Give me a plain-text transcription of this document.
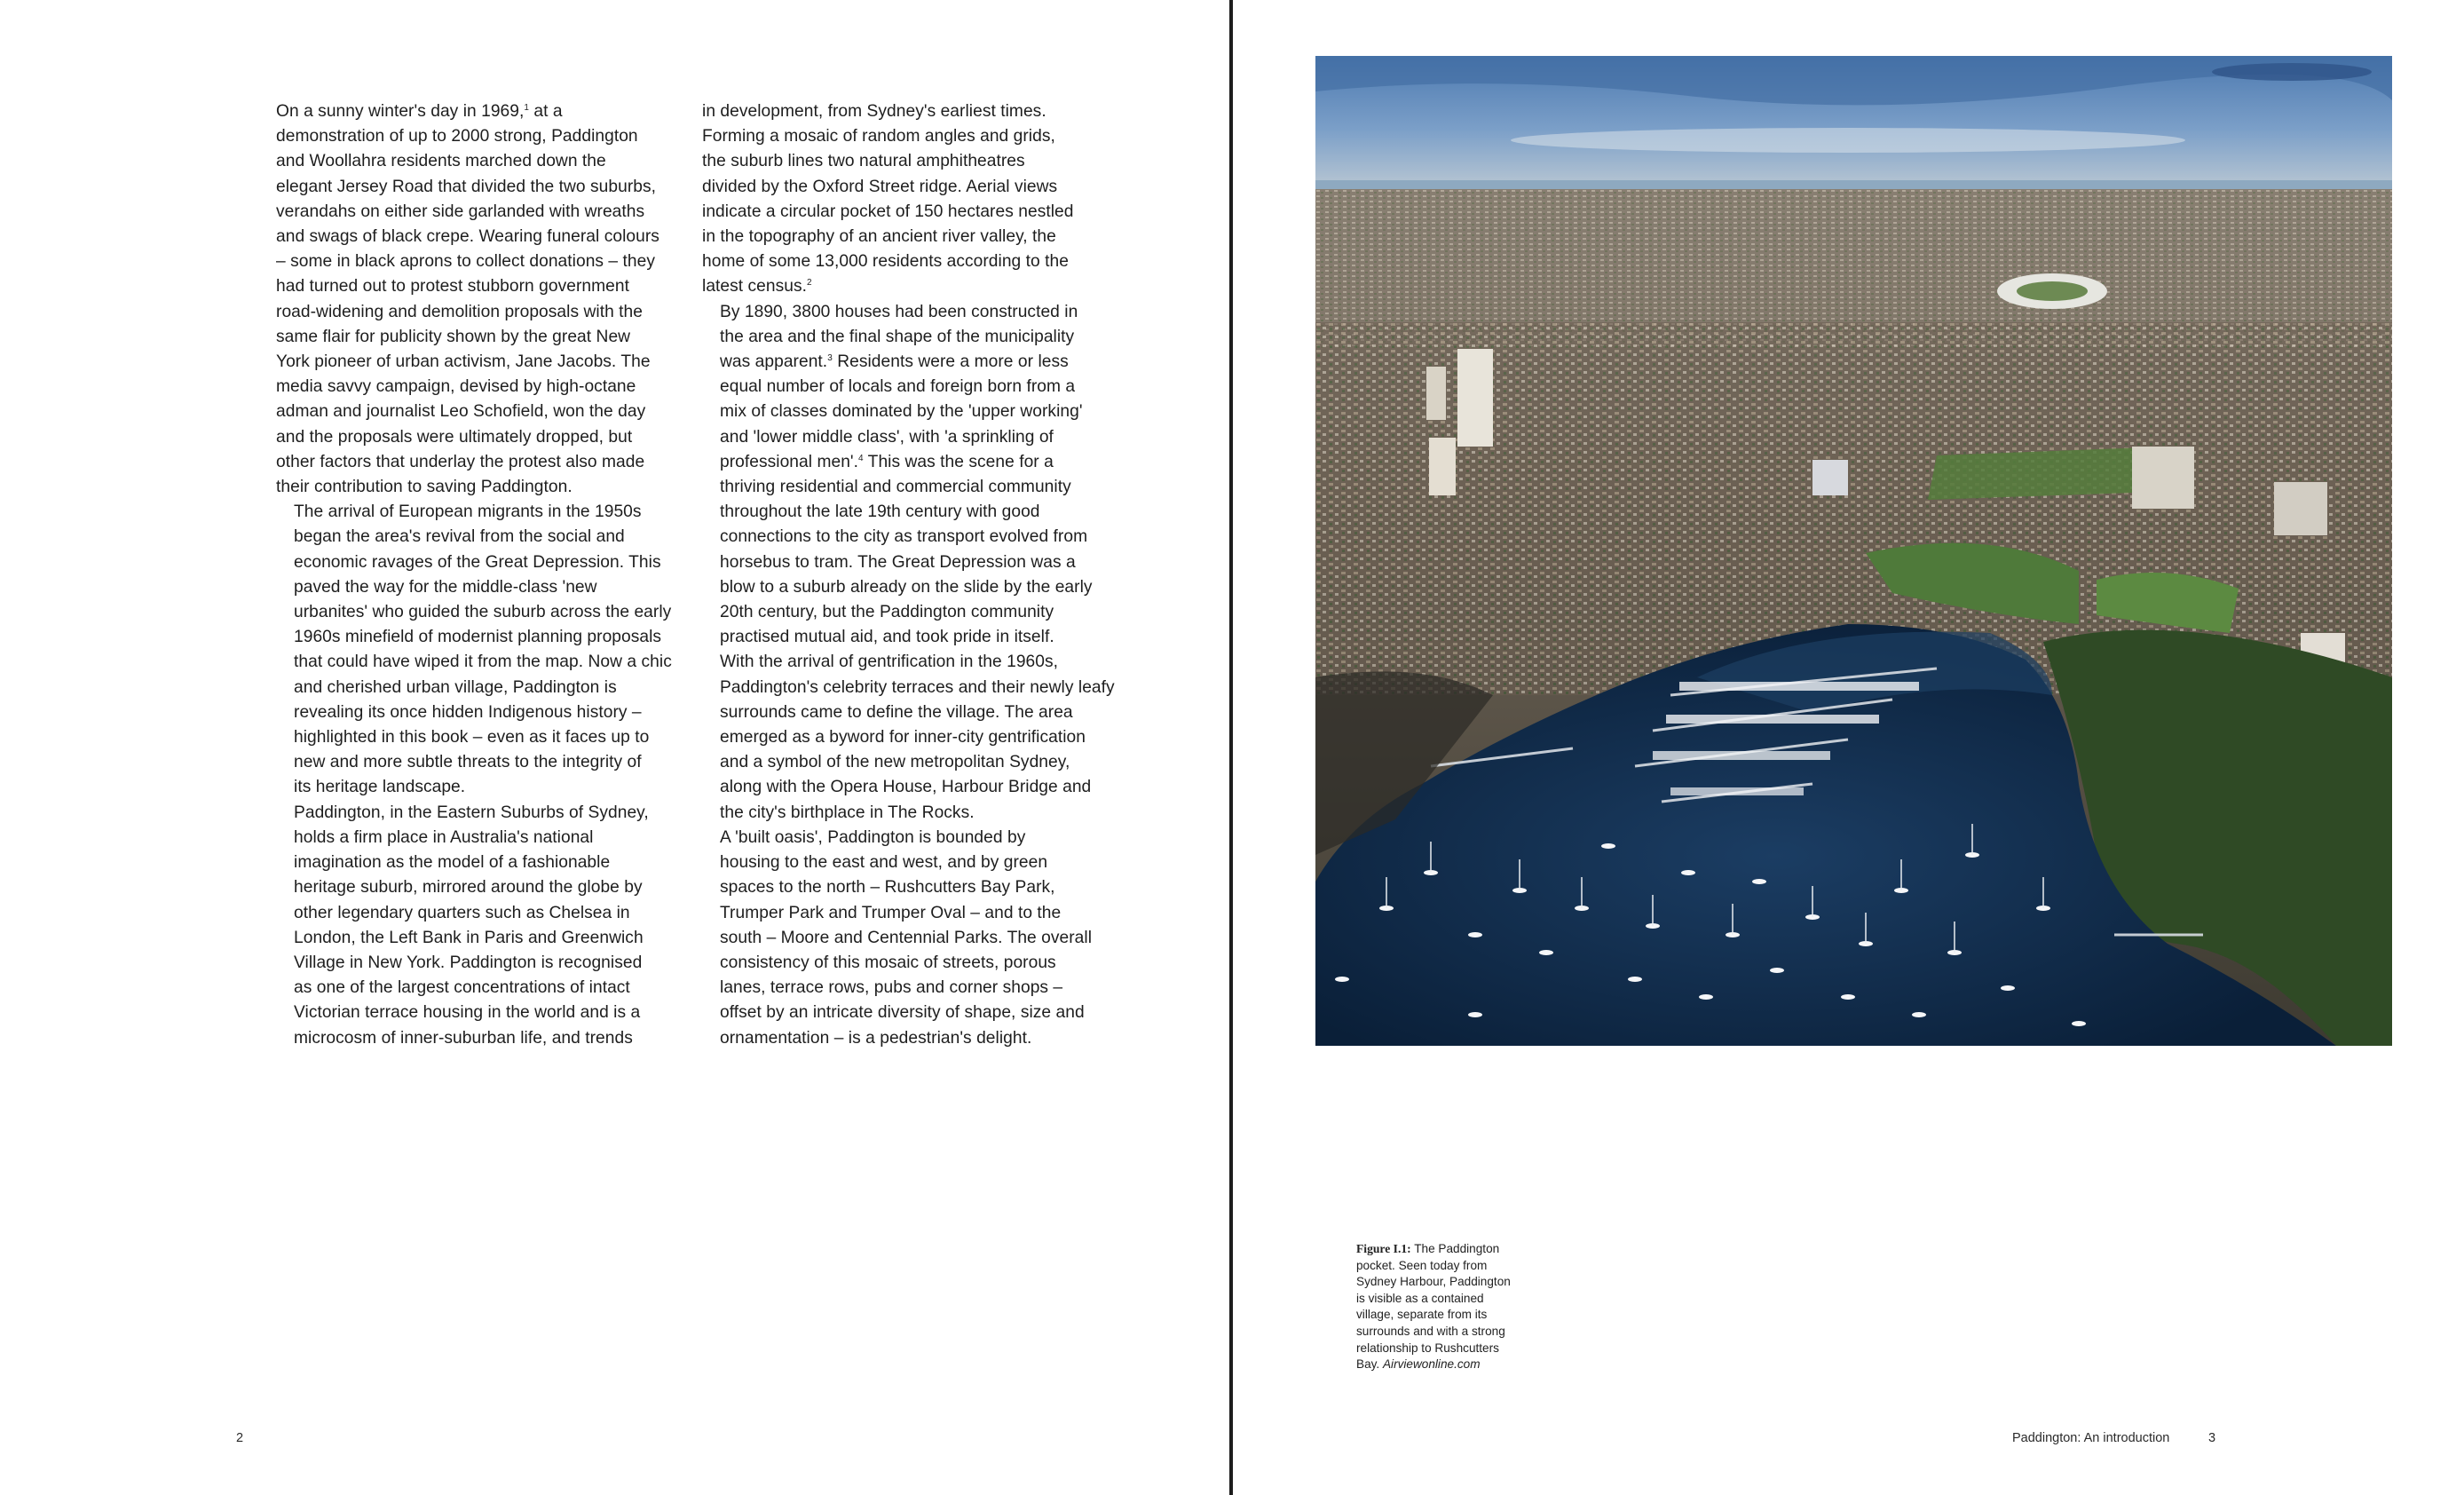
On a sunny winter's day in 1969,$^1$ at a
demonstration of up to 2000 strong, Paddington
and Woollahra residents marched down the
elegant Jersey Road that divided the two suburbs,
verandahs on either side garlanded with wreaths
and swags of black crepe. Wearing funeral colours
– some in black aprons to collect donations – they
had turned out to protest stubborn government
road-widening and demolition proposals with the
same flair for publicity shown by the great New
York pioneer of urban activism, Jane Jacobs. The
media savvy campaign, devised by high-octane
adman and journalist Leo Schofield, won the day
and the proposals were ultimately dropped, but
other factors that underlay the protest also made
their contribution to saving Paddington.

The arrival of European migrants in the 1950s
began the area's revival from the social and
economic ravages of the Great Depression. This
paved the way for the middle-class 'new
urbanites' who guided the suburb across the early
1960s minefield of modernist planning proposals
that could have wiped it from the map. Now a chic
and cherished urban village, Paddington is
revealing its once hidden Indigenous history –
highlighted in this book – even as it faces up to
new and more subtle threats to the integrity of
its heritage landscape.

Paddington, in the Eastern Suburbs of Sydney,
holds a firm place in Australia's national
imagination as the model of a fashionable
heritage suburb, mirrored around the globe by
other legendary quarters such as Chelsea in
London, the Left Bank in Paris and Greenwich
Village in New York. Paddington is recognised
as one of the largest concentrations of intact
Victorian terrace housing in the world and is a
microcosm of inner-suburban life, and trends

in development, from Sydney's earliest times.
Forming a mosaic of random angles and grids,
the suburb lines two natural amphitheatres
divided by the Oxford Street ridge. Aerial views
indicate a circular pocket of 150 hectares nestled
in the topography of an ancient river valley, the
home of some 13,000 residents according to the
latest census.$^2$

By 1890, 3800 houses had been constructed in
the area and the final shape of the municipality
was apparent.$^3$ Residents were a more or less
equal number of locals and foreign born from a
mix of classes dominated by the 'upper working'
and 'lower middle class', with 'a sprinkling of
professional men'.$^4$ This was the scene for a
thriving residential and commercial community
throughout the late 19th century with good
connections to the city as transport evolved from
horsebus to tram. The Great Depression was a
blow to a suburb already on the slide by the early
20th century, but the Paddington community
practised mutual aid, and took pride in itself.
With the arrival of gentrification in the 1960s,
Paddington's celebrity terraces and their newly leafy
surrounds came to define the village. The area
emerged as a byword for inner-city gentrification
and a symbol of the new metropolitan Sydney,
along with the Opera House, Harbour Bridge and
the city's birthplace in The Rocks.

A 'built oasis', Paddington is bounded by
housing to the east and west, and by green
spaces to the north – Rushcutters Bay Park,
Trumper Park and Trumper Oval – and to the
south – Moore and Centennial Parks. The overall
consistency of this mosaic of streets, porous
lanes, terrace rows, pubs and corner shops –
offset by an intricate diversity of shape, size and
ornamentation – is a pedestrian's delight.

2
Figure I.1: The Paddington
pocket. Seen today from
Sydney Harbour, Paddington
is visible as a contained
village, separate from its
surrounds and with a strong
relationship to Rushcutters
Bay. Airviewonline.com
Paddington: An introduction	3
